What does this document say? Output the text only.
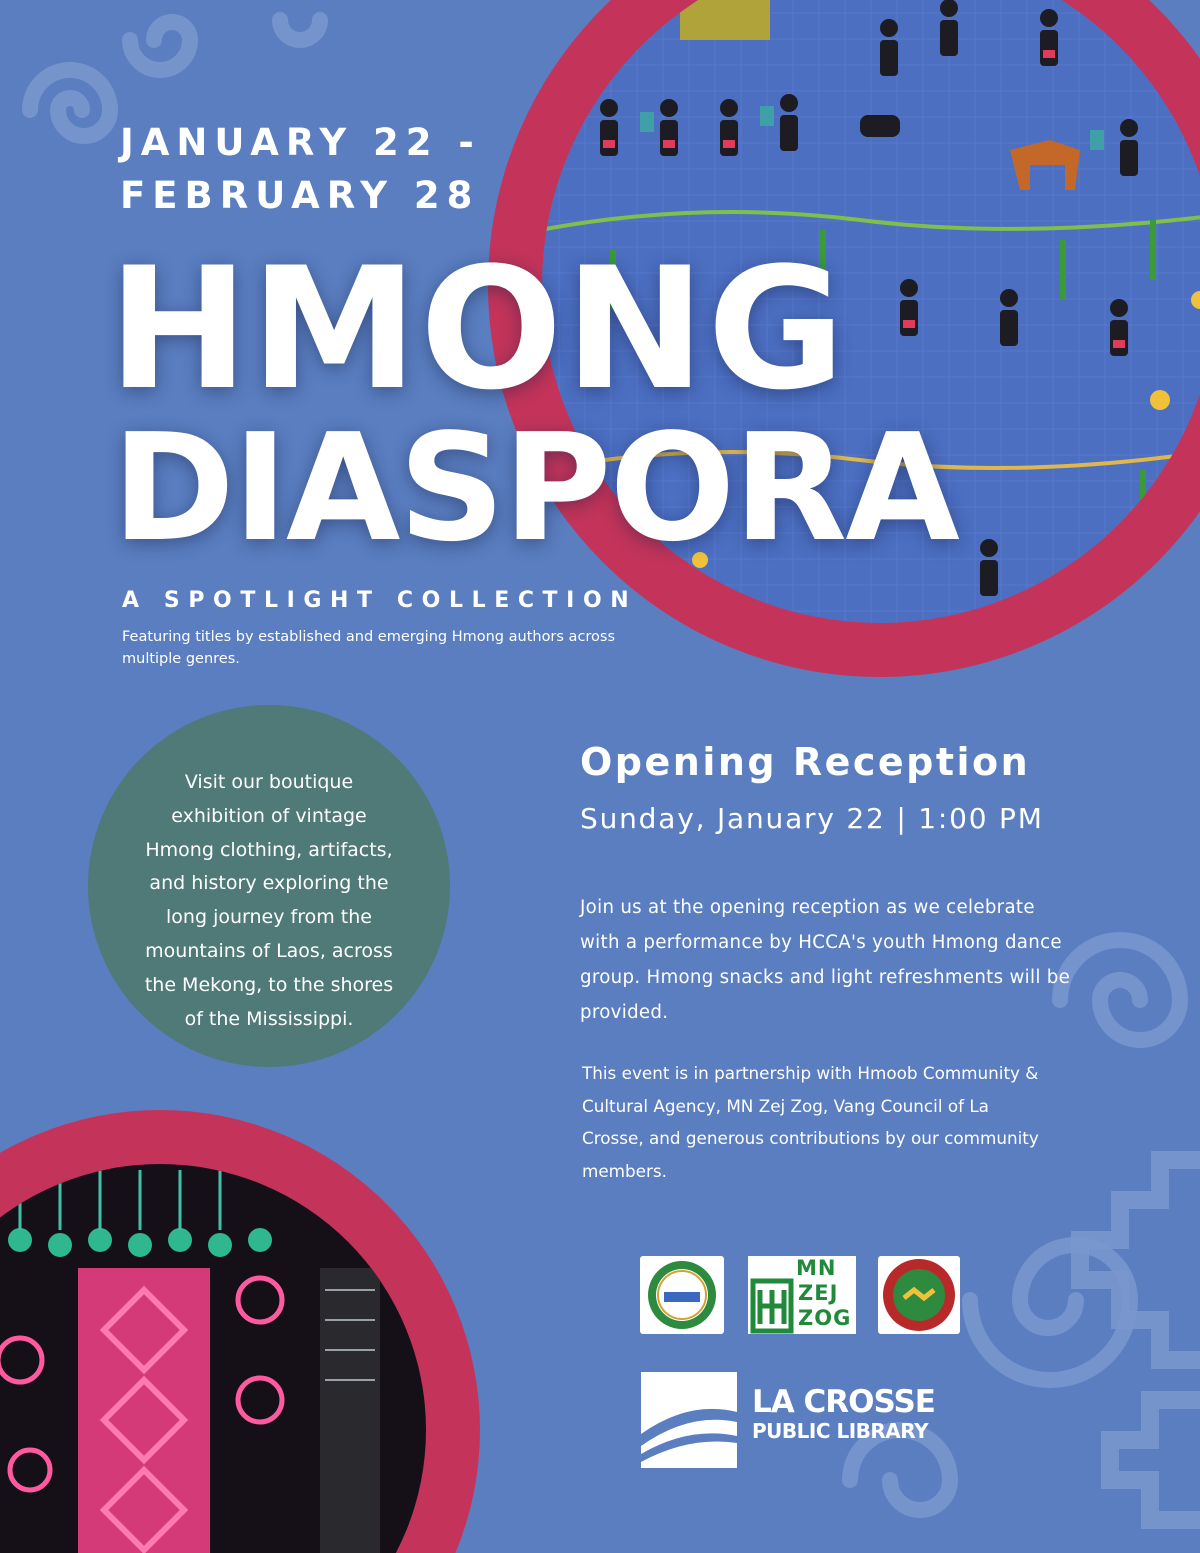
JANUARY 22 -
FEBRUARY 28
HMONG
DIASPORA
A SPOTLIGHT COLLECTION
Featuring titles by established and emerging Hmong authors across multiple genres.
Visit our boutique exhibition of vintage Hmong clothing, artifacts, and history exploring the long journey from the mountains of Laos, across the Mekong, to the shores of the Mississippi.
Opening Reception
Sunday, January 22 | 1:00 PM
Join us at the opening reception as we celebrate with a performance by HCCA's youth Hmong dance group. Hmong snacks and light refreshments will be provided.
This event is in partnership with Hmoob Community & Cultural Agency, MN Zej Zog, Vang Council of La Crosse, and generous contributions by our community members.
MN
ZEJ
ZOG
LA CROSSE
PUBLIC LIBRARY
